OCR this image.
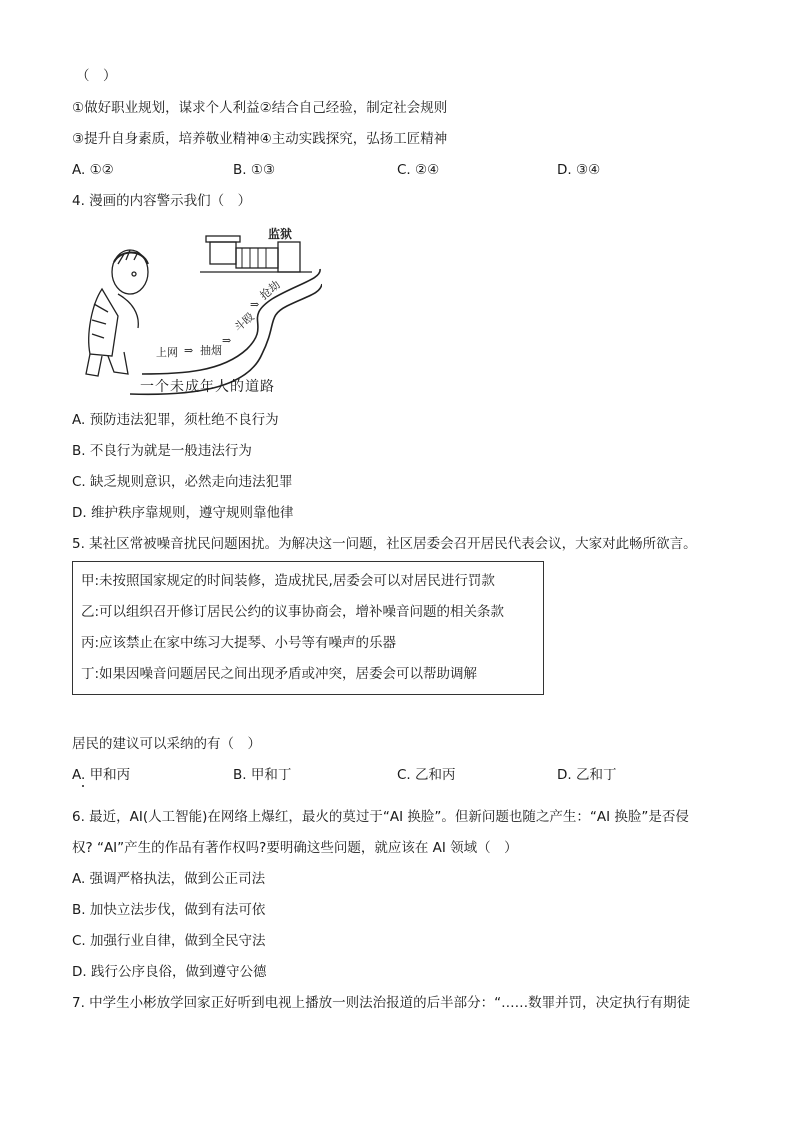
（　）
①做好职业规划，谋求个人利益②结合自己经验，制定社会规则
③提升自身素质，培养敬业精神④主动实践探究，弘扬工匠精神
A. ①②	B. ①③	C. ②④	D. ③④
4. 漫画的内容警示我们（　）
监狱
上网 ⇒ 抽烟
⇒
斗殴
⇒
抢劫
一个未成年人的道路
A. 预防违法犯罪，须杜绝不良行为
B. 不良行为就是一般违法行为
C. 缺乏规则意识，必然走向违法犯罪
D. 维护秩序靠规则，遵守规则靠他律
5. 某社区常被噪音扰民问题困扰。为解决这一问题，社区居委会召开居民代表会议，大家对此畅所欲言。
甲:未按照国家规定的时间装修，造成扰民,居委会可以对居民进行罚款
乙:可以组织召开修订居民公约的议事协商会，增补噪音问题的相关条款
丙:应该禁止在家中练习大提琴、小号等有噪声的乐器
丁:如果因噪音问题居民之间出现矛盾或冲突，居委会可以帮助调解
居民的建议可以采纳的有（　）
A. 甲和丙	B. 甲和丁	C. 乙和丙	D. 乙和丁
6. 最近，AI(人工智能)在网络上爆红，最火的莫过于“AI 换脸”。但新问题也随之产生：“AI 换脸”是否侵
权? “AI”产生的作品有著作权吗?要明确这些问题，就应该在 AI 领域（　）
A. 强调严格执法，做到公正司法
B. 加快立法步伐，做到有法可依
C. 加强行业自律，做到全民守法
D. 践行公序良俗，做到遵守公德
7. 中学生小彬放学回家正好听到电视上播放一则法治报道的后半部分：“……数罪并罚，决定执行有期徒
